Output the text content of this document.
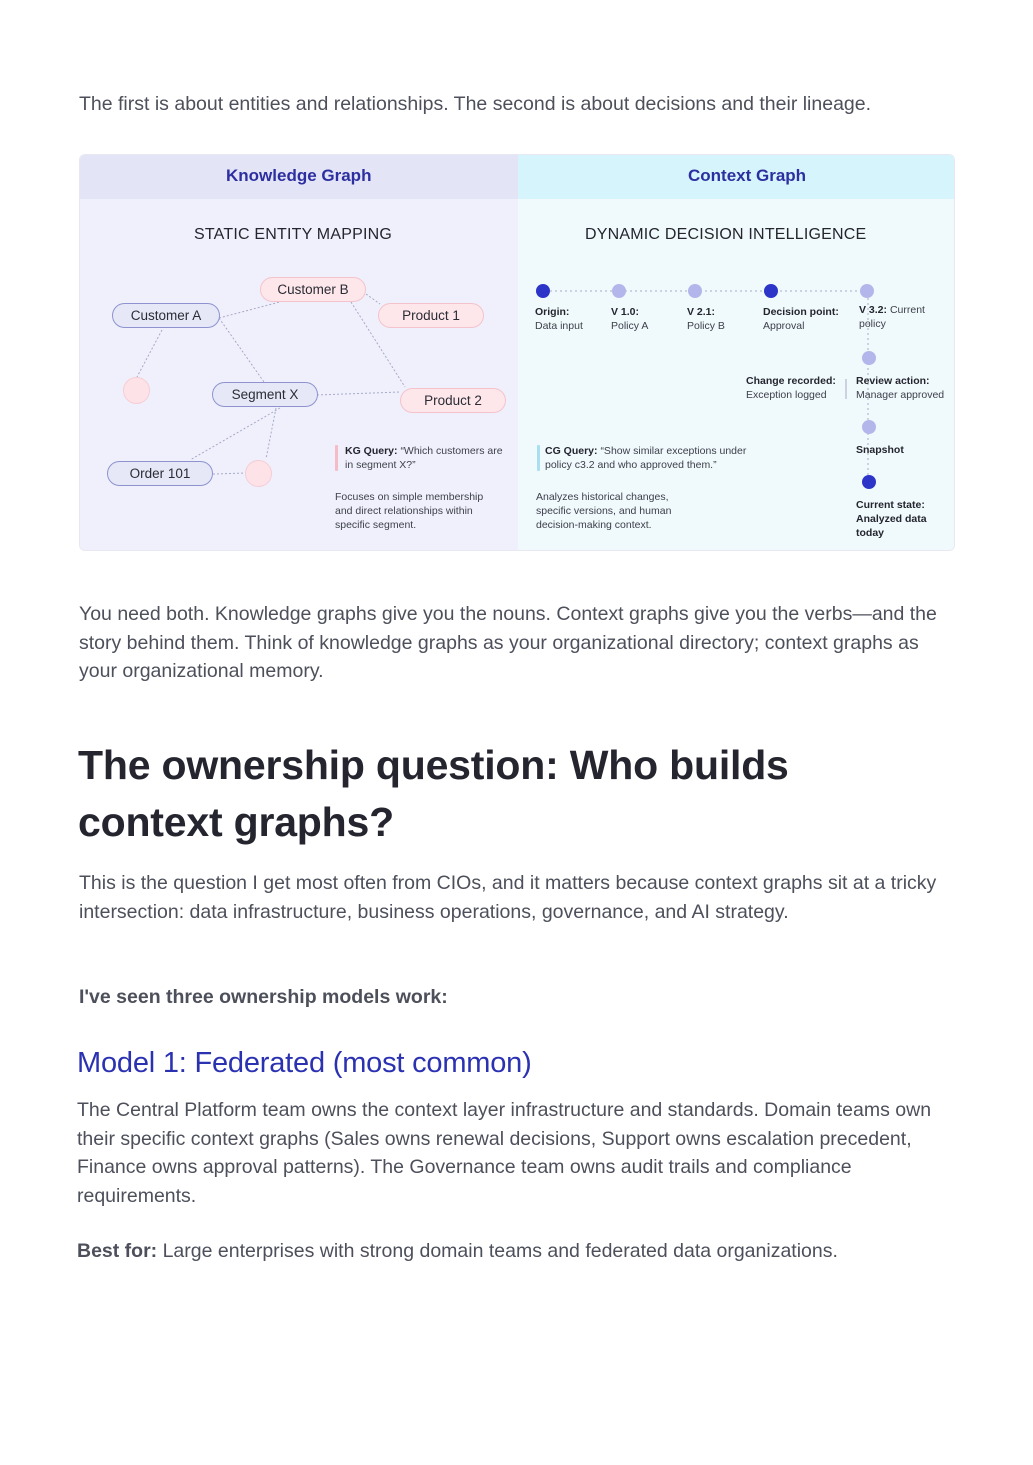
The first is about entities and relationships. The second is about decisions and their lineage.

Knowledge Graph	Context Graph
STATIC ENTITY MAPPING	DYNAMIC DECISION INTELLIGENCE
Customer A
Customer B
Product 1
Segment X	Product 2
Order 101
KG Query: “Which customers are in segment X?”
Focuses on simple membership and direct relationships within specific segment.
Origin:
Data input
V 1.0:
Policy A
V 2.1:
Policy B
Decision point:
Approval
V 3.2: Current policy
Change recorded:
Exception logged
Review action:
Manager approved
Snapshot
Current state: Analyzed data today
CG Query: “Show similar exceptions under policy c3.2 and who approved them.”
Analyzes historical changes, specific versions, and human decision-making context.

You need both. Knowledge graphs give you the nouns. Context graphs give you the verbs—and the story behind them. Think of knowledge graphs as your organizational directory; context graphs as your organizational memory.

The ownership question: Who builds context graphs?

This is the question I get most often from CIOs, and it matters because context graphs sit at a tricky intersection: data infrastructure, business operations, governance, and AI strategy.

I've seen three ownership models work:

Model 1: Federated (most common)

The Central Platform team owns the context layer infrastructure and standards. Domain teams own their specific context graphs (Sales owns renewal decisions, Support owns escalation precedent, Finance owns approval patterns). The Governance team owns audit trails and compliance requirements.

Best for: Large enterprises with strong domain teams and federated data organizations.
